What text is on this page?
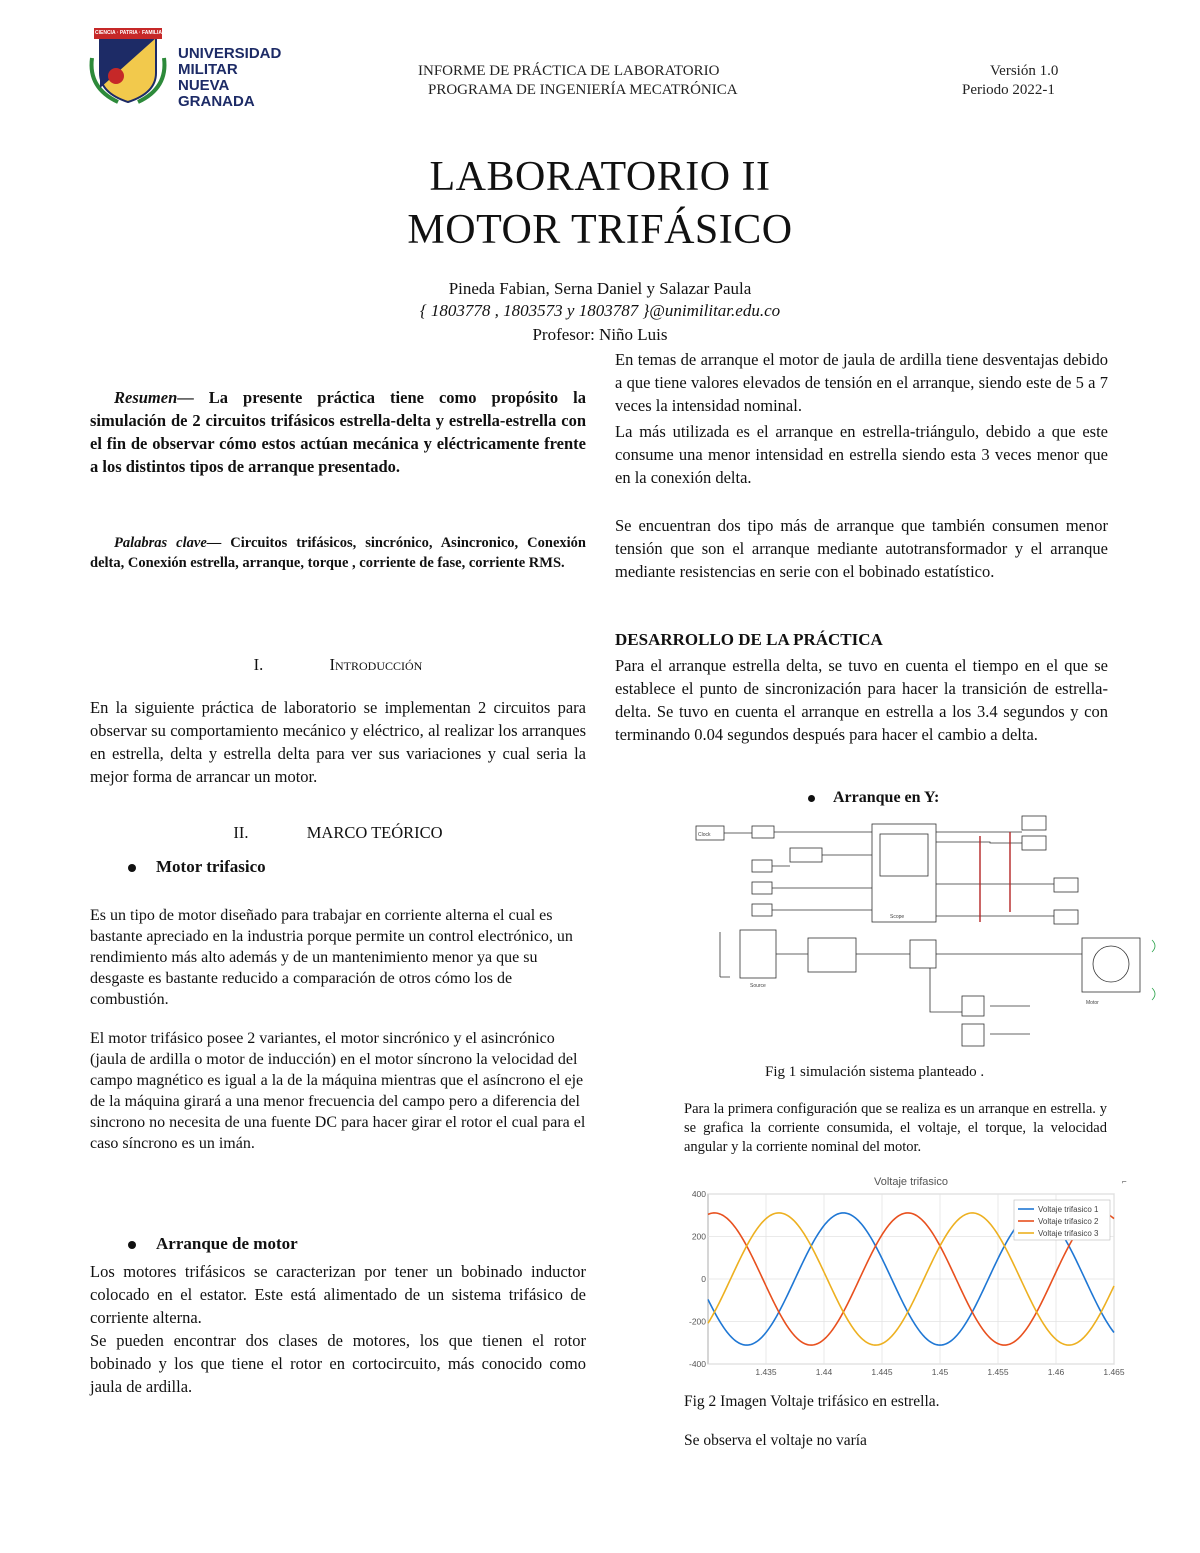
CIENCIA · PATRIA · FAMILIA
UNIVERSIDAD MILITAR
NUEVA GRANADA
INFORME DE PRÁCTICA DE LABORATORIO
PROGRAMA DE INGENIERÍA MECATRÓNICA
Versión 1.0
Periodo 2022-1
LABORATORIO II
MOTOR TRIFÁSICO
Pineda Fabian, Serna Daniel y Salazar Paula
{ 1803778 , 1803573 y 1803787 }@unimilitar.edu.co
Profesor: Niño Luis
Resumen— La presente práctica tiene como propósito la simulación de 2 circuitos trifásicos estrella-delta y estrella-estrella con el fin de observar cómo estos actúan mecánica y eléctricamente frente a los distintos tipos de arranque presentado.
Palabras clave— Circuitos trifásicos, sincrónico, Asincronico, Conexión delta, Conexión estrella, arranque, torque , corriente de fase, corriente RMS.
I.	Introducción
En la siguiente práctica de laboratorio se implementan 2 circuitos para observar su comportamiento mecánico y eléctrico, al realizar los arranques en estrella, delta y estrella delta para ver sus variaciones y cual seria la mejor forma de arrancar un motor.
II.	MARCO TEÓRICO
Motor trifasico
Es un tipo de motor diseñado para trabajar en corriente alterna el cual es bastante apreciado en la industria porque permite un control electrónico, un rendimiento más alto además y de un mantenimiento menor ya que su desgaste es bastante reducido a comparación de otros cómo los de combustión.
El motor trifásico posee 2 variantes, el motor sincrónico y el asincrónico (jaula de ardilla o motor de inducción) en el motor síncrono la velocidad del campo magnético es igual a la de la máquina mientras que el asíncrono el eje de la máquina girará a una menor frecuencia del campo pero a diferencia del sincrono no necesita de una fuente DC para hacer girar el rotor el cual para el caso síncrono es un imán.
Arranque de motor
Los motores trifásicos se caracterizan por tener un bobinado inductor colocado en el estator. Este está alimentado de un sistema trifásico de corriente alterna.
Se pueden encontrar dos clases de motores, los que tienen el rotor bobinado y los que tiene el rotor en cortocircuito, más conocido como jaula de ardilla.
En temas de arranque el motor de jaula de ardilla tiene desventajas debido a que tiene valores elevados de tensión en el arranque, siendo este de 5 a 7 veces la intensidad nominal.
La más utilizada es el arranque en estrella-triángulo, debido a que este consume una menor intensidad en estrella siendo esta 3 veces menor que en la conexión delta.
Se encuentran dos tipo más de arranque que también consumen menor tensión que son el arranque mediante autotransformador y el arranque mediante resistencias en serie con el bobinado estatístico.
DESARROLLO DE LA PRÁCTICA
Para el arranque estrella delta, se tuvo en cuenta el tiempo en el que se establece el punto de sincronización para hacer la transición de estrella-delta. Se tuvo en cuenta el arranque en estrella a los 3.4 segundos y con terminando 0.04 segundos después para hacer el cambio a delta.
Arranque en Y:
Clock
Scope
Source
Motor
Fig 1 simulación sistema planteado .
Para la primera configuración que se realiza es un arranque en estrella. y se grafica la corriente consumida, el voltaje, el torque, la velocidad angular y la corriente nominal del motor.
1.435	1.44	1.445	1.45	1.455	1.46	1.465
400
200
0
-200
-400
Voltaje trifasico
Voltaje trifasico 1
Voltaje trifasico 2
Voltaje trifasico 3
⌐
Fig 2 Imagen Voltaje trifásico en estrella.
Se observa el voltaje no varía
